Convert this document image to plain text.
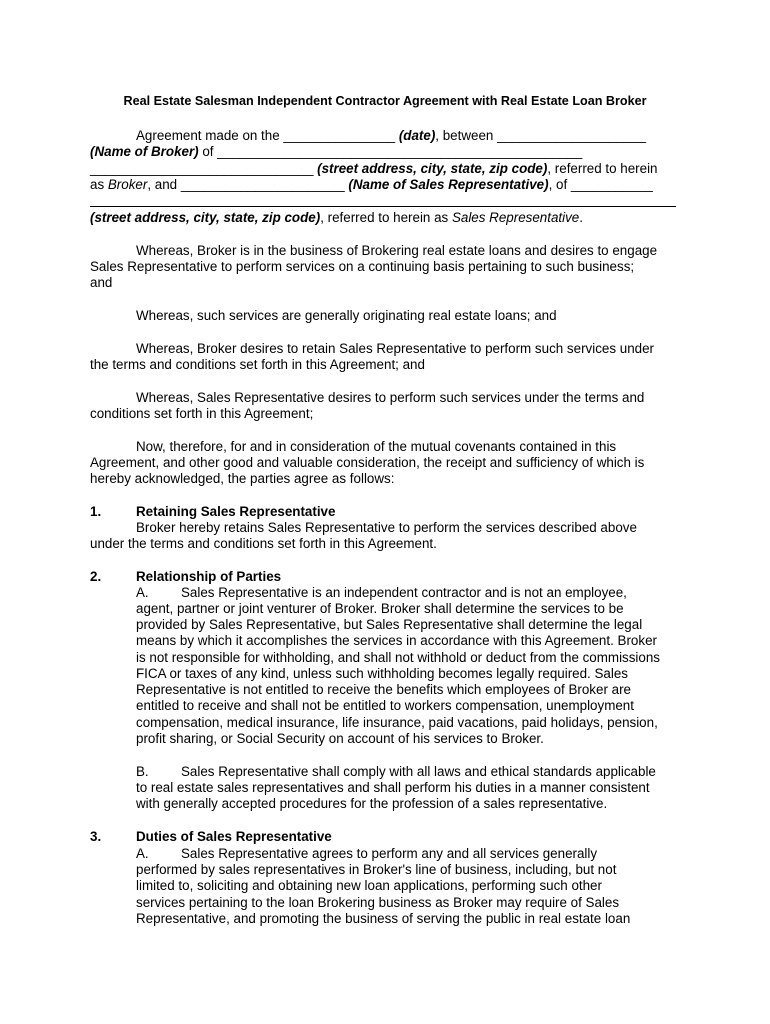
Real Estate Salesman Independent Contractor Agreement with Real Estate Loan Broker
Agreement made on the _______________ (date), between ____________________
(Name of Broker) of _________________________________________________
______________________________ (street address, city, state, zip code), referred to herein
as Broker, and ______________________ (Name of Sales Representative), of ___________
(street address, city, state, zip code), referred to herein as Sales Representative.
Whereas, Broker is in the business of Brokering real estate loans and desires to engage
Sales Representative to perform services on a continuing basis pertaining to such business;
and
Whereas, such services are generally originating real estate loans; and
Whereas, Broker desires to retain Sales Representative to perform such services under
the terms and conditions set forth in this Agreement; and
Whereas, Sales Representative desires to perform such services under the terms and
conditions set forth in this Agreement;
Now, therefore, for and in consideration of the mutual covenants contained in this
Agreement, and other good and valuable consideration, the receipt and sufficiency of which is
hereby acknowledged, the parties agree as follows:
1.	Retaining Sales Representative
Broker hereby retains Sales Representative to perform the services described above
under the terms and conditions set forth in this Agreement.
2.	Relationship of Parties
A. Sales Representative is an independent contractor and is not an employee,
agent, partner or joint venturer of Broker. Broker shall determine the services to be
provided by Sales Representative, but Sales Representative shall determine the legal
means by which it accomplishes the services in accordance with this Agreement. Broker
is not responsible for withholding, and shall not withhold or deduct from the commissions
FICA or taxes of any kind, unless such withholding becomes legally required. Sales
Representative is not entitled to receive the benefits which employees of Broker are
entitled to receive and shall not be entitled to workers compensation, unemployment
compensation, medical insurance, life insurance, paid vacations, paid holidays, pension,
profit sharing, or Social Security on account of his services to Broker.
B. Sales Representative shall comply with all laws and ethical standards applicable
to real estate sales representatives and shall perform his duties in a manner consistent
with generally accepted procedures for the profession of a sales representative.
3.	Duties of Sales Representative
A. Sales Representative agrees to perform any and all services generally
performed by sales representatives in Broker's line of business, including, but not
limited to, soliciting and obtaining new loan applications, performing such other
services pertaining to the loan Brokering business as Broker may require of Sales
Representative, and promoting the business of serving the public in real estate loan
